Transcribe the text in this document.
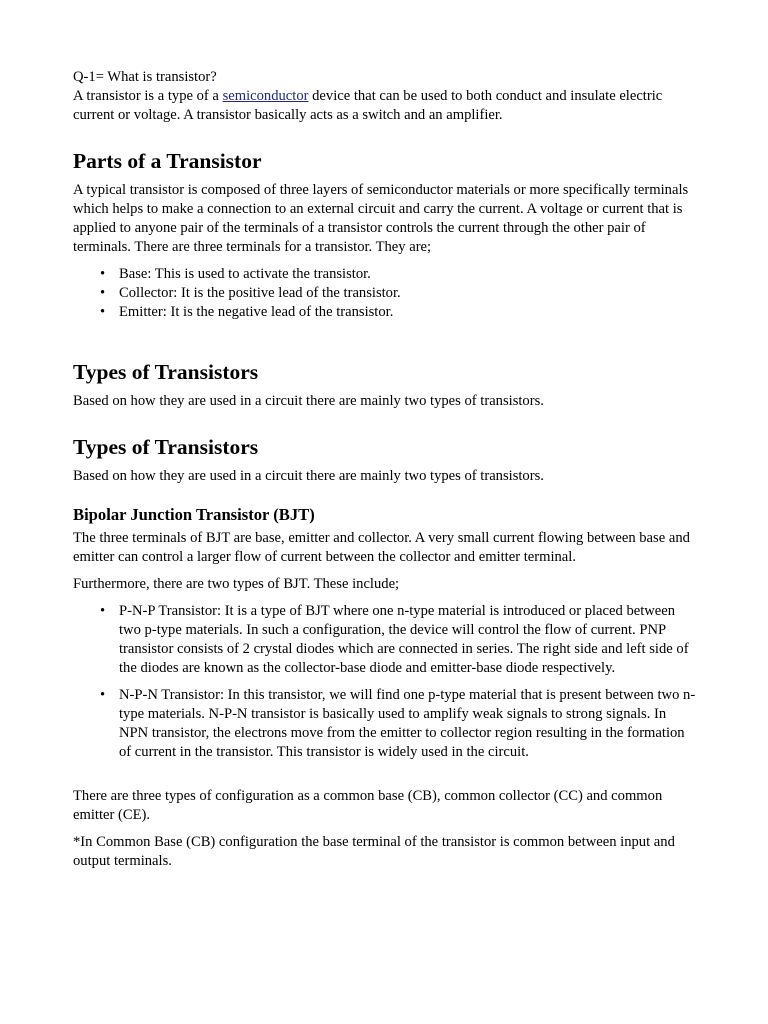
Q-1= What is transistor?

A transistor is a type of a semiconductor device that can be used to both conduct and insulate electric current or voltage. A transistor basically acts as a switch and an amplifier.

Parts of a Transistor

A typical transistor is composed of three layers of semiconductor materials or more specifically terminals which helps to make a connection to an external circuit and carry the current. A voltage or current that is applied to anyone pair of the terminals of a transistor controls the current through the other pair of terminals. There are three terminals for a transistor. They are;

• Base: This is used to activate the transistor.
• Collector: It is the positive lead of the transistor.
• Emitter: It is the negative lead of the transistor.
Types of Transistors

Based on how they are used in a circuit there are mainly two types of transistors.

Types of Transistors

Based on how they are used in a circuit there are mainly two types of transistors.

Bipolar Junction Transistor (BJT)

The three terminals of BJT are base, emitter and collector. A very small current flowing between base and emitter can control a larger flow of current between the collector and emitter terminal.

Furthermore, there are two types of BJT. These include;

• P-N-P Transistor: It is a type of BJT where one n-type material is introduced or placed between two p-type materials. In such a configuration, the device will control the flow of current. PNP transistor consists of 2 crystal diodes which are connected in series. The right side and left side of the diodes are known as the collector-base diode and emitter-base diode respectively.
• N-P-N Transistor: In this transistor, we will find one p-type material that is present between two n-type materials. N-P-N transistor is basically used to amplify weak signals to strong signals. In NPN transistor, the electrons move from the emitter to collector region resulting in the formation of current in the transistor. This transistor is widely used in the circuit.

There are three types of configuration as a common base (CB), common collector (CC) and common emitter (CE).

*In Common Base (CB) configuration the base terminal of the transistor is common between input and output terminals.
